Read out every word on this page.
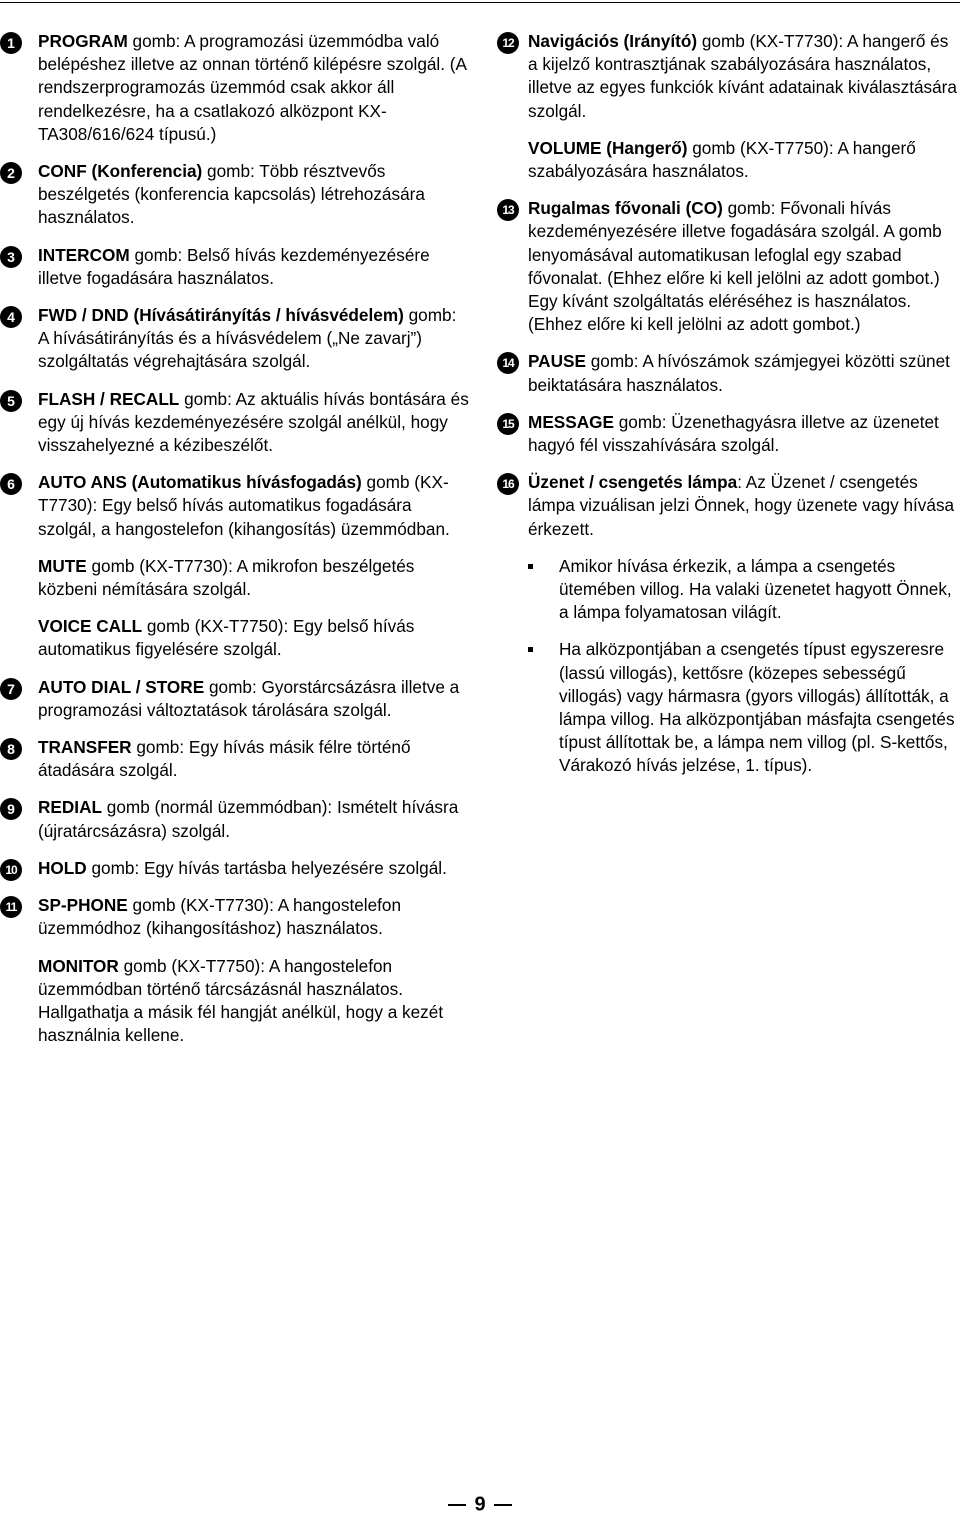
1	PROGRAM gomb: A programozási üzemmódba való belépéshez illetve az onnan történő kilépésre szolgál. (A rendszerprogramozás üzemmód csak akkor áll rendelkezésre, ha a csatlakozó alközpont KX-TA308/616/624 típusú.)
2	CONF (Konferencia) gomb: Több résztvevős beszélgetés (konferencia kapcsolás) létrehozására használatos.
3	INTERCOM gomb: Belső hívás kezdeményezésére illetve fogadására használatos.
4	FWD / DND (Hívásátirányítás / hívásvédelem) gomb: A hívásátirányítás és a hívásvédelem („Ne zavarj”) szolgáltatás végrehajtására szolgál.
5	FLASH / RECALL gomb: Az aktuális hívás bontására és egy új hívás kezdeményezésére szolgál anélkül, hogy visszahelyezné a kézibeszélőt.
6	AUTO ANS (Automatikus hívásfogadás) gomb (KX-T7730): Egy belső hívás automatikus fogadására szolgál, a hangostelefon (kihangosítás) üzemmódban.
MUTE gomb (KX-T7730): A mikrofon beszélgetés közbeni némítására szolgál.
VOICE CALL gomb (KX-T7750): Egy belső hívás automatikus figyelésére szolgál.
7	AUTO DIAL / STORE gomb: Gyorstárcsázásra illetve a programozási változtatások tárolására szolgál.
8	TRANSFER gomb: Egy hívás másik félre történő átadására szolgál.
9	REDIAL gomb (normál üzemmódban): Ismételt hívásra (újratárcsázásra) szolgál.
10	HOLD gomb: Egy hívás tartásba helyezésére szolgál.
11	SP-PHONE gomb (KX-T7730): A hangostelefon üzemmódhoz (kihangosításhoz) használatos.
MONITOR gomb (KX-T7750): A hangostelefon üzemmódban történő tárcsázásnál használatos. Hallgathatja a másik fél hangját anélkül, hogy a kezét használnia kellene.
12 Navigációs (Irányító) gomb (KX-T7730): A hangerő és a kijelző kontrasztjának szabályozására használatos, illetve az egyes funkciók kívánt adatainak kiválasztására szolgál.
VOLUME (Hangerő) gomb (KX-T7750): A hangerő szabályozására használatos.
13 Rugalmas fővonali (CO) gomb: Fővonali hívás kezdeményezésére illetve fogadására szolgál. A gomb lenyomásával automatikusan lefoglal egy szabad fővonalat. (Ehhez előre ki kell jelölni az adott gombot.) Egy kívánt szolgáltatás eléréséhez is használatos. (Ehhez előre ki kell jelölni az adott gombot.)
14 PAUSE gomb: A hívószámok számjegyei közötti szünet beiktatására használatos.
15 MESSAGE gomb: Üzenethagyásra illetve az üzenetet hagyó fél visszahívására szolgál.
16 Üzenet / csengetés lámpa: Az Üzenet / csengetés lámpa vizuálisan jelzi Önnek, hogy üzenete vagy hívása érkezett.
Amikor hívása érkezik, a lámpa a csengetés ütemében villog. Ha valaki üzenetet hagyott Önnek, a lámpa folyamatosan világít.
Ha alközpontjában a csengetés típust egyszeresre (lassú villogás), kettősre (közepes sebességű villogás) vagy hármasra (gyors villogás) állították, a lámpa villog. Ha alközpontjában másfajta csengetés típust állítottak be, a lámpa nem villog (pl. S-kettős, Várakozó hívás jelzése, 1. típus).
9
